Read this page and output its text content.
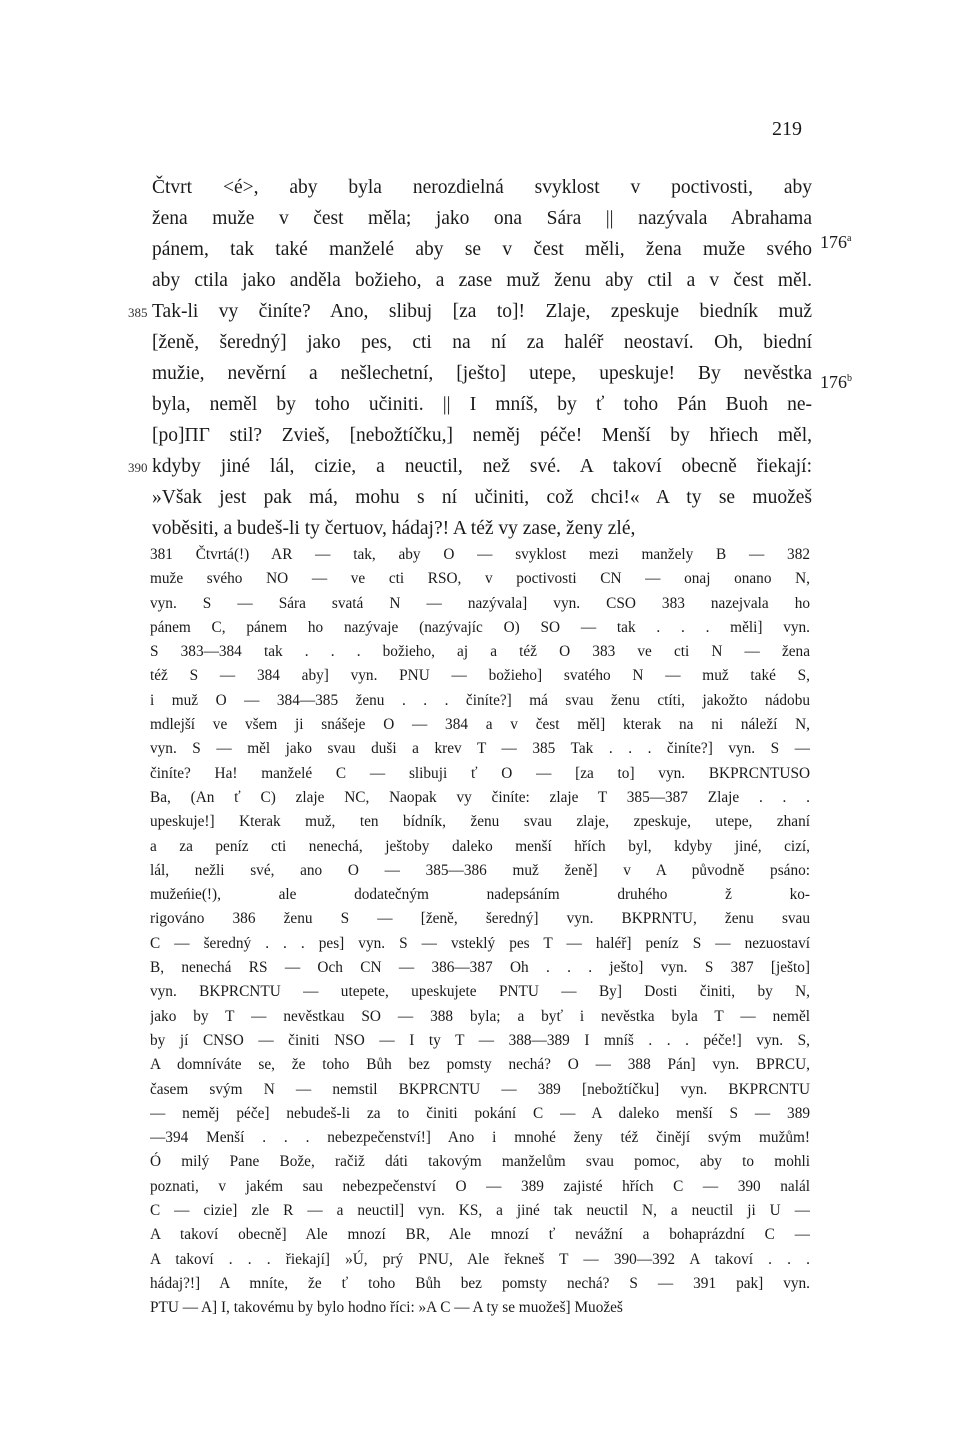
219
176$^a$
176$^b$
Čtvrt <é>, aby byla nerozdielná svyklost v poctivosti, aby
žena muže v čest měla; jako ona Sára || nazývala Abrahama
pánem, tak také manželé aby se v čest měli, žena muže svého
aby ctila jako anděla božieho, a zase muž ženu aby ctil a v čest měl.
385 Tak-li vy činíte? Ano, slibuj [za to]! Zlaje, zpeskuje biedník muž
[ženě, šeredný] jako pes, cti na ní za haléř neostaví. Oh, biední
mužie, nevěrní a nešlechetní, [ješto] utepe, upeskuje! By nevěstka
byla, neměl by toho učiniti. || I mníš, by ť toho Pán Buoh ne-
[po]ПΓ stil? Zvieš, [nebožtíčku,] neměj péče! Menší by hřiech měl,
390 kdyby jiné lál, cizie, a neuctil, než své. A takoví obecně řiekají:
»Však jest pak má, mohu s ní učiniti, což chci!« A ty se muožeš
voběsiti, a budeš-li ty čertuov, hádaj?! A též vy zase, ženy zlé,
381 Čtvrtá(!) AR — tak, aby O — svyklost mezi manžely B — 382
muže svého NO — ve cti RSO, v poctivosti CN — onaj onano N,
vyn. S — Sára svatá N — nazývala] vyn. CSO 383 nazejvala ho
pánem C, pánem ho nazývaje (nazývajíc O) SO — tak . . . měli] vyn.
S 383—384 tak . . . božieho, aj a též O 383 ve cti N — žena
též S — 384 aby] vyn. PNU — božieho] svatého N — muž také S,
i muž O — 384—385 ženu . . . činíte?] má svau ženu ctíti, jakožto nádobu
mdlejší ve všem ji snášeje O — 384 a v čest měl] kterak na ni náleží N,
vyn. S — měl jako svau duši a krev T — 385 Tak . . . činíte?] vyn. S —
činíte? Ha! manželé C — slibuji ť O — [za to] vyn. BKPRCNTUSO
Ba, (An ť C) zlaje NC, Naopak vy činíte: zlaje T 385—387 Zlaje . . .
upeskuje!] Kterak muž, ten bídník, ženu svau zlaje, zpeskuje, utepe, zhaní
a za peníz cti nenechá, ještoby daleko menší hřích byl, kdyby jiné, cizí,
lál, nežli své, ano O — 385—386 muž ženě] v A původně psáno:
mužeńie(!), ale dodatečným nadepsáním druhého ž ko-
rigováno 386 ženu S — [ženě, šeredný] vyn. BKPRNTU, ženu svau
C — šeredný . . . pes] vyn. S — vsteklý pes T — haléř] peníz S — nezuostaví
B, nenechá RS — Och CN — 386—387 Oh . . . ješto] vyn. S 387 [ješto]
vyn. BKPRCNTU — utepete, upeskujete PNTU — By] Dosti činiti, by N,
jako by T — nevěstkau SO — 388 byla; a byť i nevěstka byla T — neměl
by jí CNSO — činiti NSO — I ty T — 388—389 I mníš . . . péče!] vyn. S,
A domníváte se, že toho Bůh bez pomsty nechá? O — 388 Pán] vyn. BPRCU,
časem svým N — nemstil BKPRCNTU — 389 [nebožtíčku] vyn. BKPRCNTU
— neměj péče] nebudeš-li za to činiti pokání C — A daleko menší S — 389
—394 Menší . . . nebezpečenství!] Ano i mnohé ženy též činějí svým mužům!
Ó milý Pane Bože, račiž dáti takovým manželům svau pomoc, aby to mohli
poznati, v jakém sau nebezpečenství O — 389 zajisté hřích C — 390 nalál
C — cizie] zle R — a neuctil] vyn. KS, a jiné tak neuctil N, a neuctil ji U —
A takoví obecně] Ale mnozí BR, Ale mnozí ť nevážní a bohaprázdní C —
A takoví . . . řiekají] »Ú, prý PNU, Ale řekneš T — 390—392 A takoví . . .
hádaj?!] A mníte, že ť toho Bůh bez pomsty nechá? S — 391 pak] vyn.
PTU — A] I, takovému by bylo hodno říci: »A C — A ty se muožeš] Muožeš
